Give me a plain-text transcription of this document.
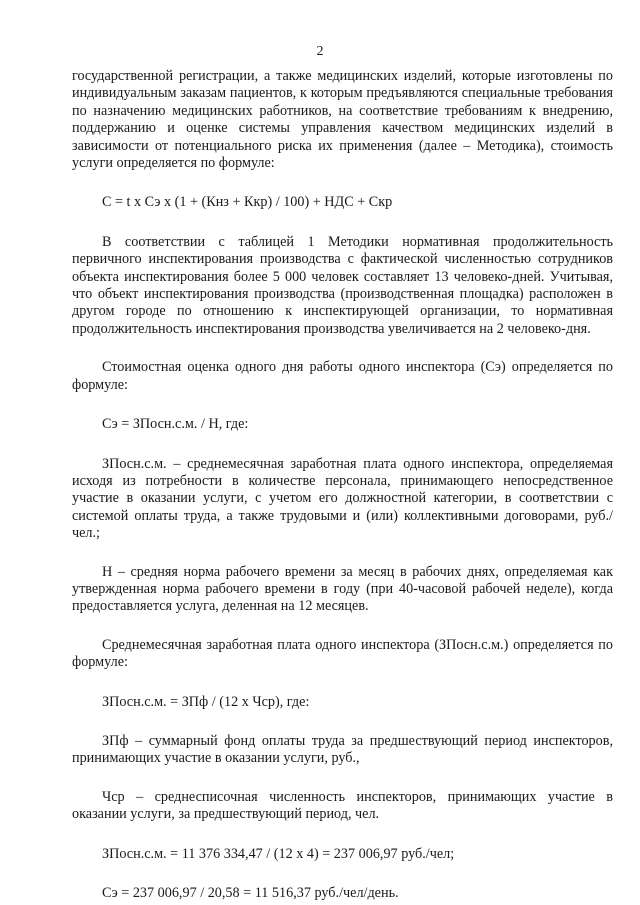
2

государственной регистрации, а также медицинских изделий, которые изготовлены по индивидуальным заказам пациентов, к которым предъявляются специальные требования по назначению медицинских работников, на соответствие требованиям к внедрению, поддержанию и оценке системы управления качеством медицинских изделий в зависимости от потенциального риска их применения (далее – Методика), стоимость услуги определяется по формуле:

C = t x Сэ x (1 + (Кнз + Ккр) / 100) + НДС + Скр

В соответствии с таблицей 1 Методики нормативная продолжительность первичного инспектирования производства с фактической численностью сотрудников объекта инспектирования более 5 000 человек составляет 13 человеко-дней. Учитывая, что объект инспектирования производства (производственная площадка) расположен в другом городе по отношению к инспектирующей организации, то нормативная продолжительность инспектирования производства увеличивается на 2 человеко-дня.

Стоимостная оценка одного дня работы одного инспектора (Сэ) определяется по формуле:

Сэ = ЗПосн.с.м. / Н, где:

ЗПосн.с.м. – среднемесячная заработная плата одного инспектора, определяемая исходя из потребности в количестве персонала, принимающего непосредственное участие в оказании услуги, с учетом его должностной категории, в соответствии с системой оплаты труда, а также трудовыми и (или) коллективными договорами, руб./чел.;

Н – средняя норма рабочего времени за месяц в рабочих днях, определяемая как утвержденная норма рабочего времени в году (при 40-часовой рабочей неделе), когда предоставляется услуга, деленная на 12 месяцев.

Среднемесячная заработная плата одного инспектора (ЗПосн.с.м.) определяется по формуле:

ЗПосн.с.м. = ЗПф / (12 х Чср), где:

ЗПф – суммарный фонд оплаты труда за предшествующий период инспекторов, принимающих участие в оказании услуги, руб.,

Чср – среднесписочная численность инспекторов, принимающих участие в оказании услуги, за предшествующий период, чел.

ЗПосн.с.м. = 11 376 334,47 / (12 х 4) = 237 006,97 руб./чел;

Сэ = 237 006,97 / 20,58 = 11 516,37 руб./чел/день.
